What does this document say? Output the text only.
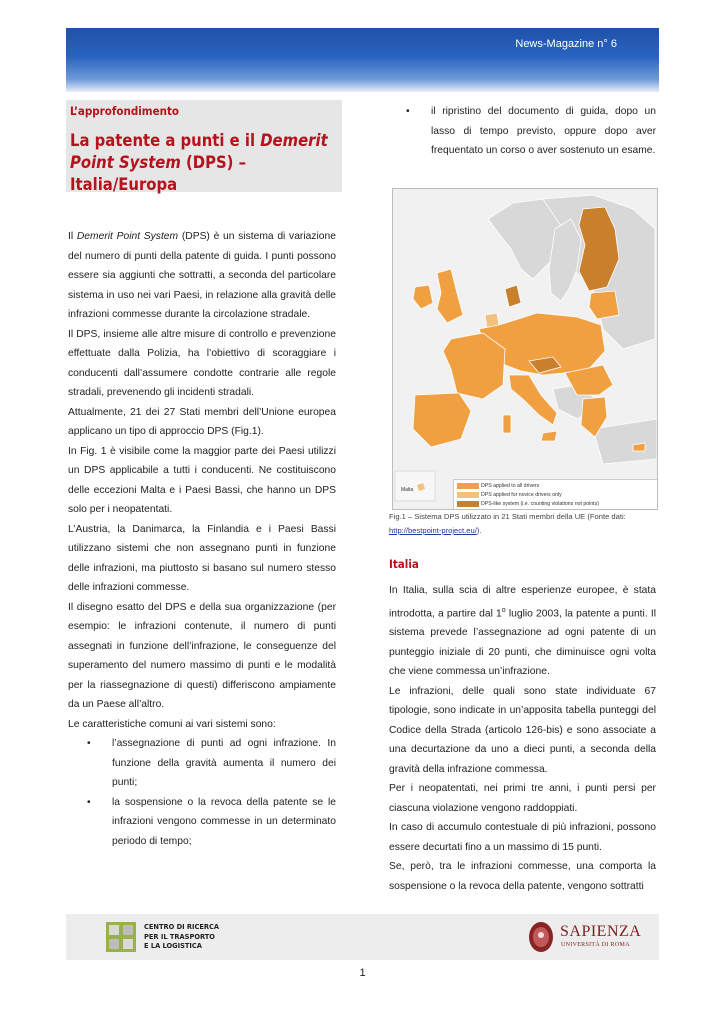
News-Magazine n° 6
L’approfondimento
La patente a punti e il Demerit Point System (DPS) – Italia/Europa

Il Demerit Point System (DPS) è un sistema di variazione del numero di punti della patente di guida. I punti possono essere sia aggiunti che sottratti, a seconda del particolare sistema in uso nei vari Paesi, in relazione alla gravità delle infrazioni commesse durante la circolazione stradale.

Il DPS, insieme alle altre misure di controllo e prevenzione effettuate dalla Polizia, ha l’obiettivo di scoraggiare i conducenti dall’assumere condotte contrarie alle regole stradali, prevenendo gli incidenti stradali.

Attualmente, 21 dei 27 Stati membri dell’Unione europea applicano un tipo di approccio DPS (Fig.1).

In Fig. 1 è visibile come la maggior parte dei Paesi utilizzi un DPS applicabile a tutti i conducenti. Ne costituiscono delle eccezioni Malta e i Paesi Bassi, che hanno un DPS solo per i neopatentati.

L’Austria, la Danimarca, la Finlandia e i Paesi Bassi utilizzano sistemi che non assegnano punti in funzione delle infrazioni, ma piuttosto si basano sul numero stesso delle infrazioni commesse.

Il disegno esatto del DPS e della sua organizzazione (per esempio: le infrazioni contenute, il numero di punti assegnati in funzione dell’infrazione, le conseguenze del superamento del numero massimo di punti e le modalità per la riassegnazione di questi) differiscono ampiamente da un Paese all’altro.

Le caratteristiche comuni ai vari sistemi sono:

• l’assegnazione di punti ad ogni infrazione. In funzione della gravità aumenta il numero dei punti;
• la sospensione o la revoca della patente se le infrazioni vengono commesse in un determinato periodo di tempo;
• il ripristino del documento di guida, dopo un lasso di tempo previsto, oppure dopo aver frequentato un corso o aver sostenuto un esame.
Malta
DPS applied to all drivers
DPS applied for novice drivers only
DPS-like system (i.e. counting violations not points)
Fig.1 – Sistema DPS utilizzato in 21 Stati membri della UE (Fonte dati: http://bestpoint-project.eu/).
Italia

In Italia, sulla scia di altre esperienze europee, è stata introdotta, a partire dal 1$^o$ luglio 2003, la patente a punti. Il sistema prevede l’assegnazione ad ogni patente di un punteggio iniziale di 20 punti, che diminuisce ogni volta che viene commessa un’infrazione.

Le infrazioni, delle quali sono state individuate 67 tipologie, sono indicate in un’apposita tabella punteggi del Codice della Strada (articolo 126-bis) e sono associate a una decurtazione da uno a dieci punti, a seconda della gravità della infrazione commessa.

Per i neopatentati, nei primi tre anni, i punti persi per ciascuna violazione vengono raddoppiati.

In caso di accumulo contestuale di più infrazioni, possono essere decurtati fino a un massimo di 15 punti.

Se, però, tra le infrazioni commesse, una comporta la sospensione o la revoca della patente, vengono sottratti

CENTRO DI RICERCA
PER IL TRASPORTO
E LA LOGISTICA
SAPIENZA
UNIVERSITÀ DI ROMA
1
